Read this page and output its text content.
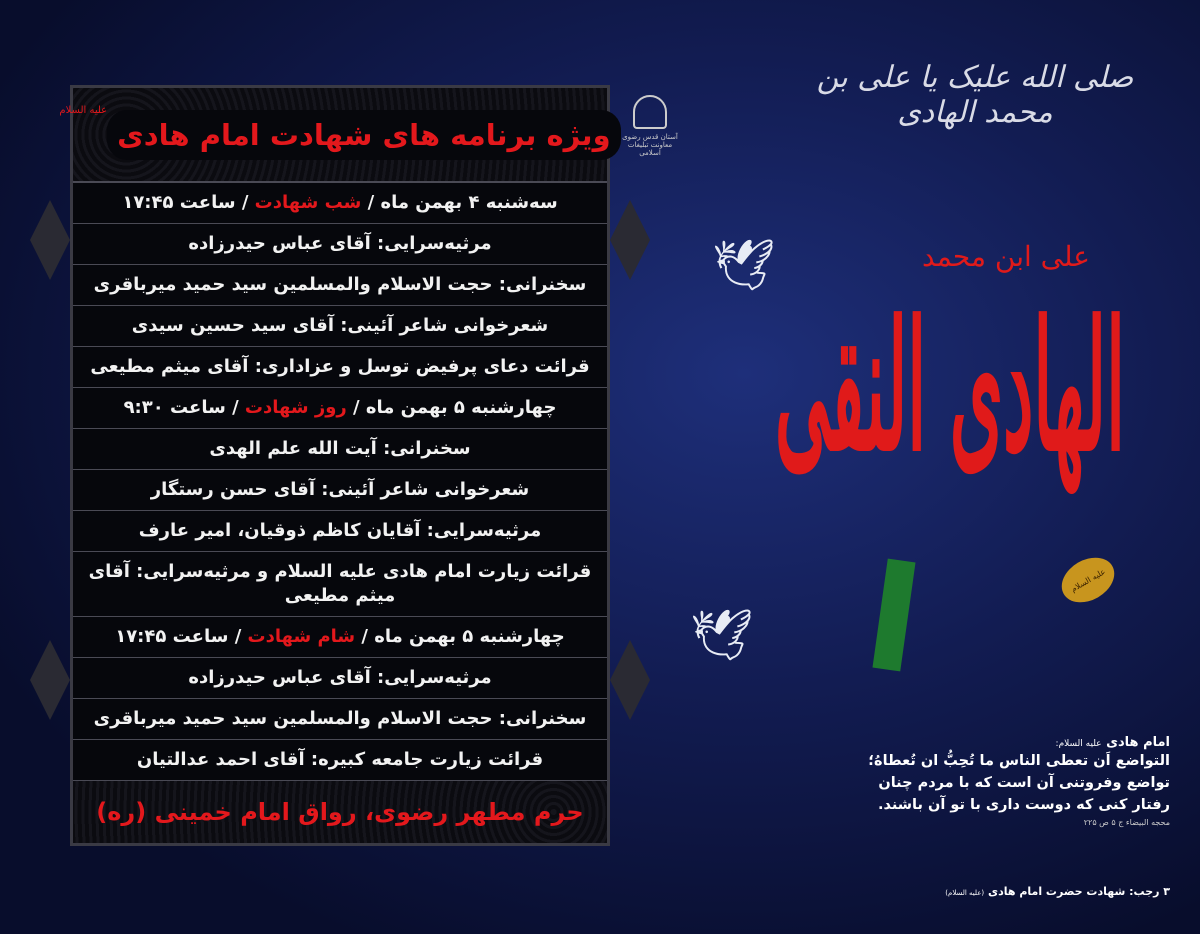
ویژه برنامه های شهادت امام هادی
علیه السلام
سه‌شنبه ۴ بهمن ماه / شب شهادت / ساعت ۱۷:۴۵
مرثیه‌سرایی: آقای عباس حیدرزاده
سخنرانی: حجت الاسلام والمسلمین سید حمید میرباقری
شعرخوانی شاعر آئینی: آقای سید حسین سیدی
قرائت دعای پرفیض توسل و عزاداری: آقای میثم مطیعی
چهارشنبه ۵ بهمن ماه / روز شهادت / ساعت ۹:۳۰
سخنرانی: آیت الله علم الهدی
شعرخوانی شاعر آئینی: آقای حسن رستگار
مرثیه‌سرایی: آقایان کاظم ذوقیان، امیر عارف
قرائت زیارت امام هادی علیه السلام و مرثیه‌سرایی: آقای میثم مطیعی
چهارشنبه ۵ بهمن ماه / شام شهادت / ساعت ۱۷:۴۵
مرثیه‌سرایی: آقای عباس حیدرزاده
سخنرانی: حجت الاسلام والمسلمین سید حمید میرباقری
قرائت زیارت جامعه کبیره: آقای احمد عدالتیان
حرم مطهر رضوی، رواق امام خمینی (ره)
آستان قدس رضوی
معاونت تبلیغات اسلامی
صلی الله علیک یا علی بن محمد الهادی
علی ابن محمد
الهادی النقی
علیه السلام
🕊
🕊
امام هادی علیه السلام:
التواضع اَن تعطی الناس ما تُحِبُّ ان تُعطاهُ؛
تواضع وفروتنی آن است که با مردم چنان
رفتار کنی که دوست داری با تو آن باشند.
محجه البیضاء ج ۵ ص ۲۲۵
۳ رجب: شهادت حضرت امام هادی (علیه السلام)
